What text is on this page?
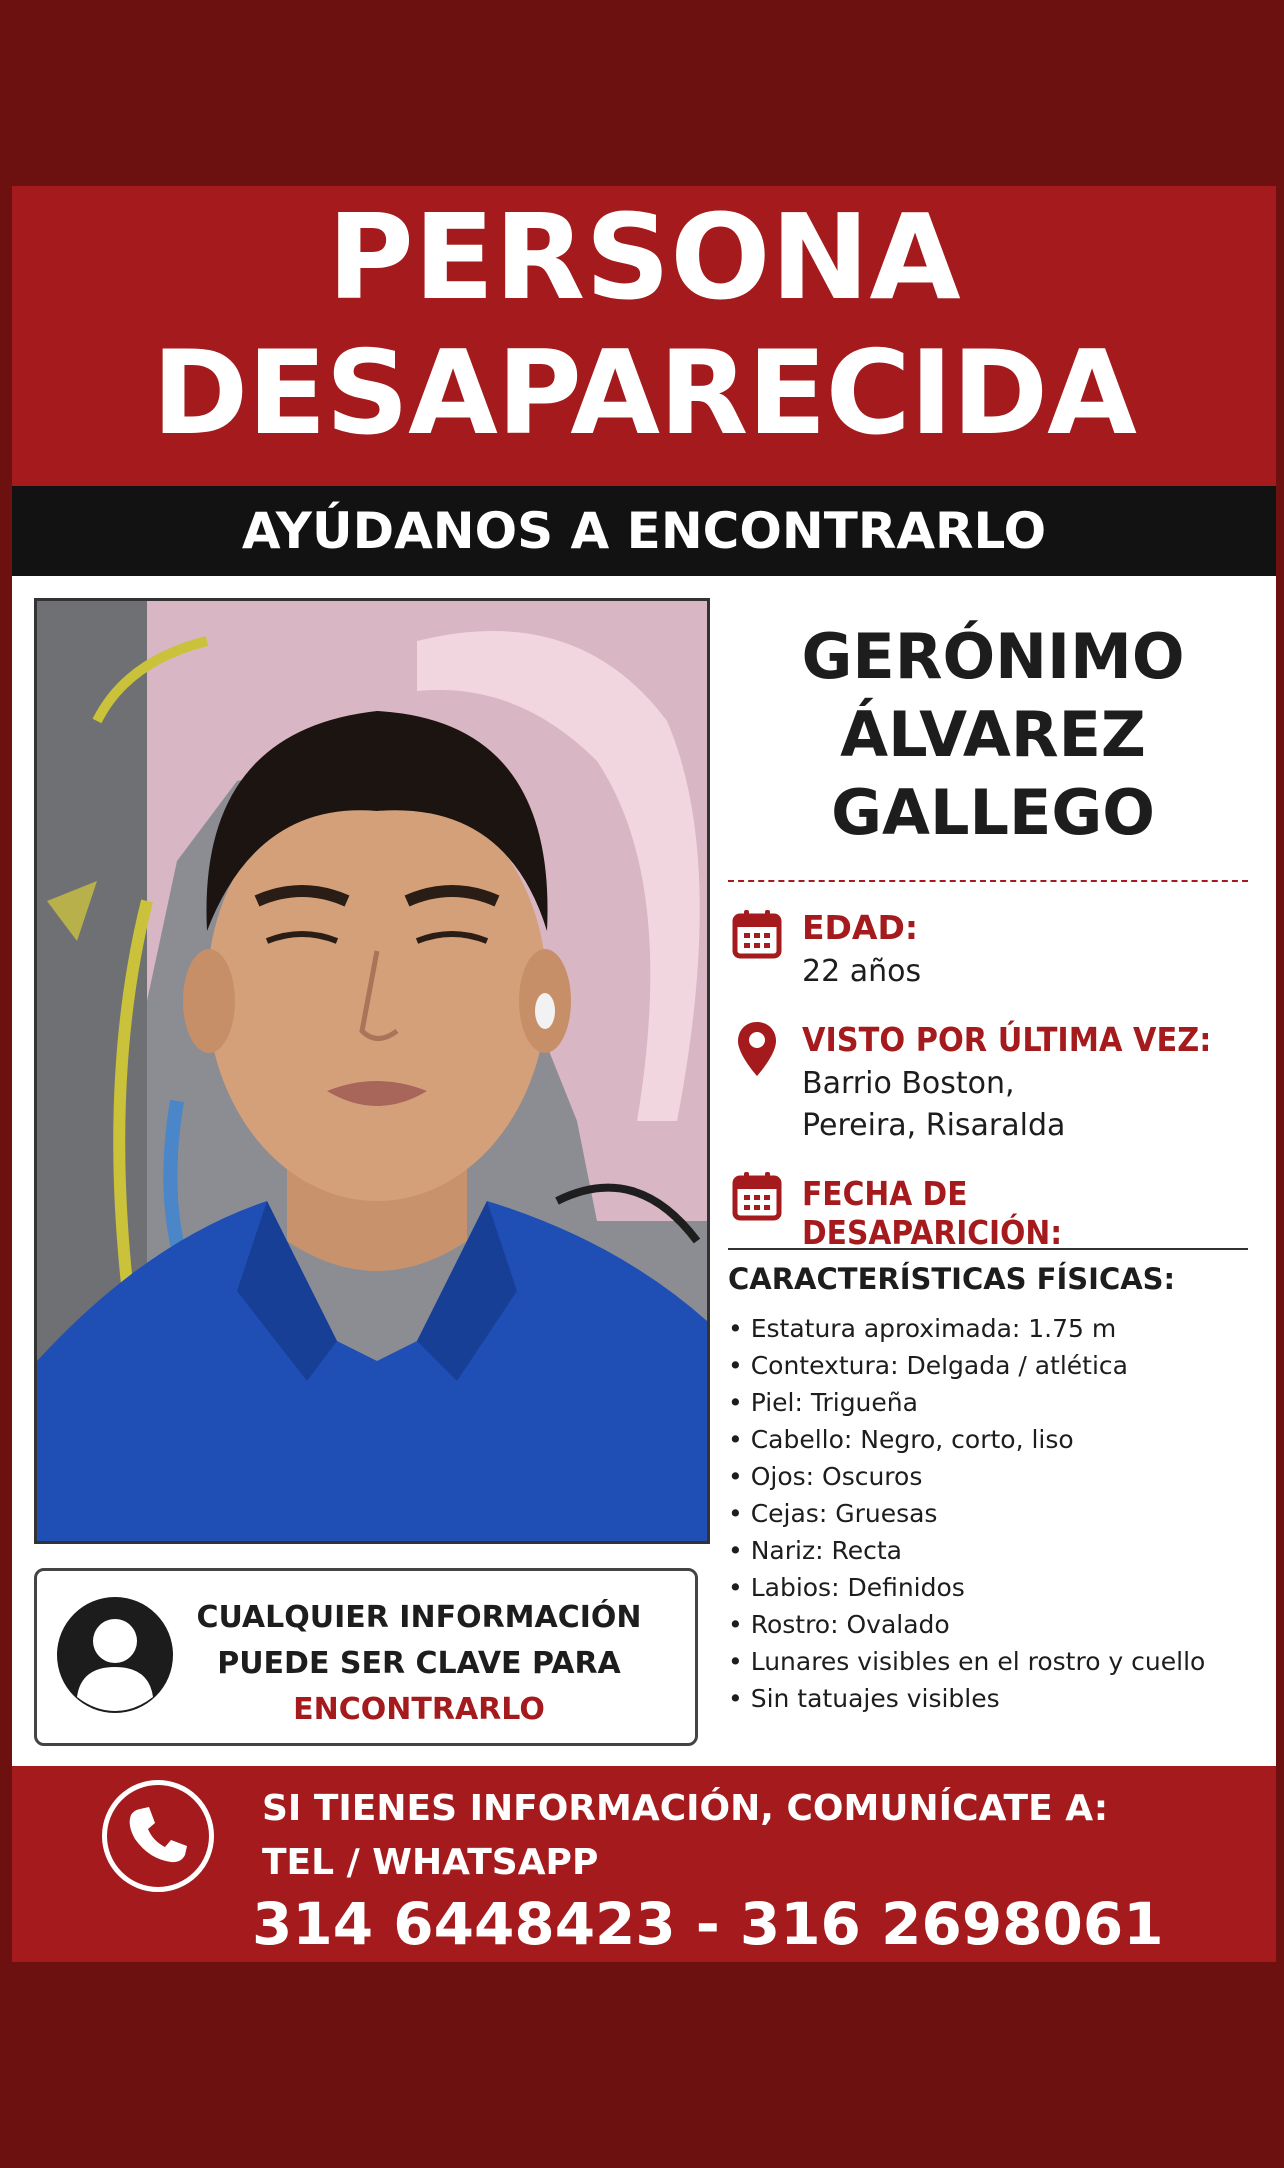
PERSONA
DESAPARECIDA
AYÚDANOS A ENCONTRARLO
GERÓNIMO
ÁLVAREZ
GALLEGO
EDAD:
22 años
VISTO POR ÚLTIMA VEZ:
Barrio Boston,
Pereira, Risaralda
FECHA DE DESAPARICIÓN:
CARACTERÍSTICAS FÍSICAS:
• Estatura aproximada: 1.75 m
• Contextura: Delgada / atlética
• Piel: Trigueña
• Cabello: Negro, corto, liso
• Ojos: Oscuros
• Cejas: Gruesas
• Nariz: Recta
• Labios: Definidos
• Rostro: Ovalado
• Lunares visibles en el rostro y cuello
• Sin tatuajes visibles
CUALQUIER INFORMACIÓN
PUEDE SER CLAVE PARA
ENCONTRARLO
SI TIENES INFORMACIÓN, COMUNÍCATE A:
TEL / WHATSAPP
314 6448423 - 316 2698061
